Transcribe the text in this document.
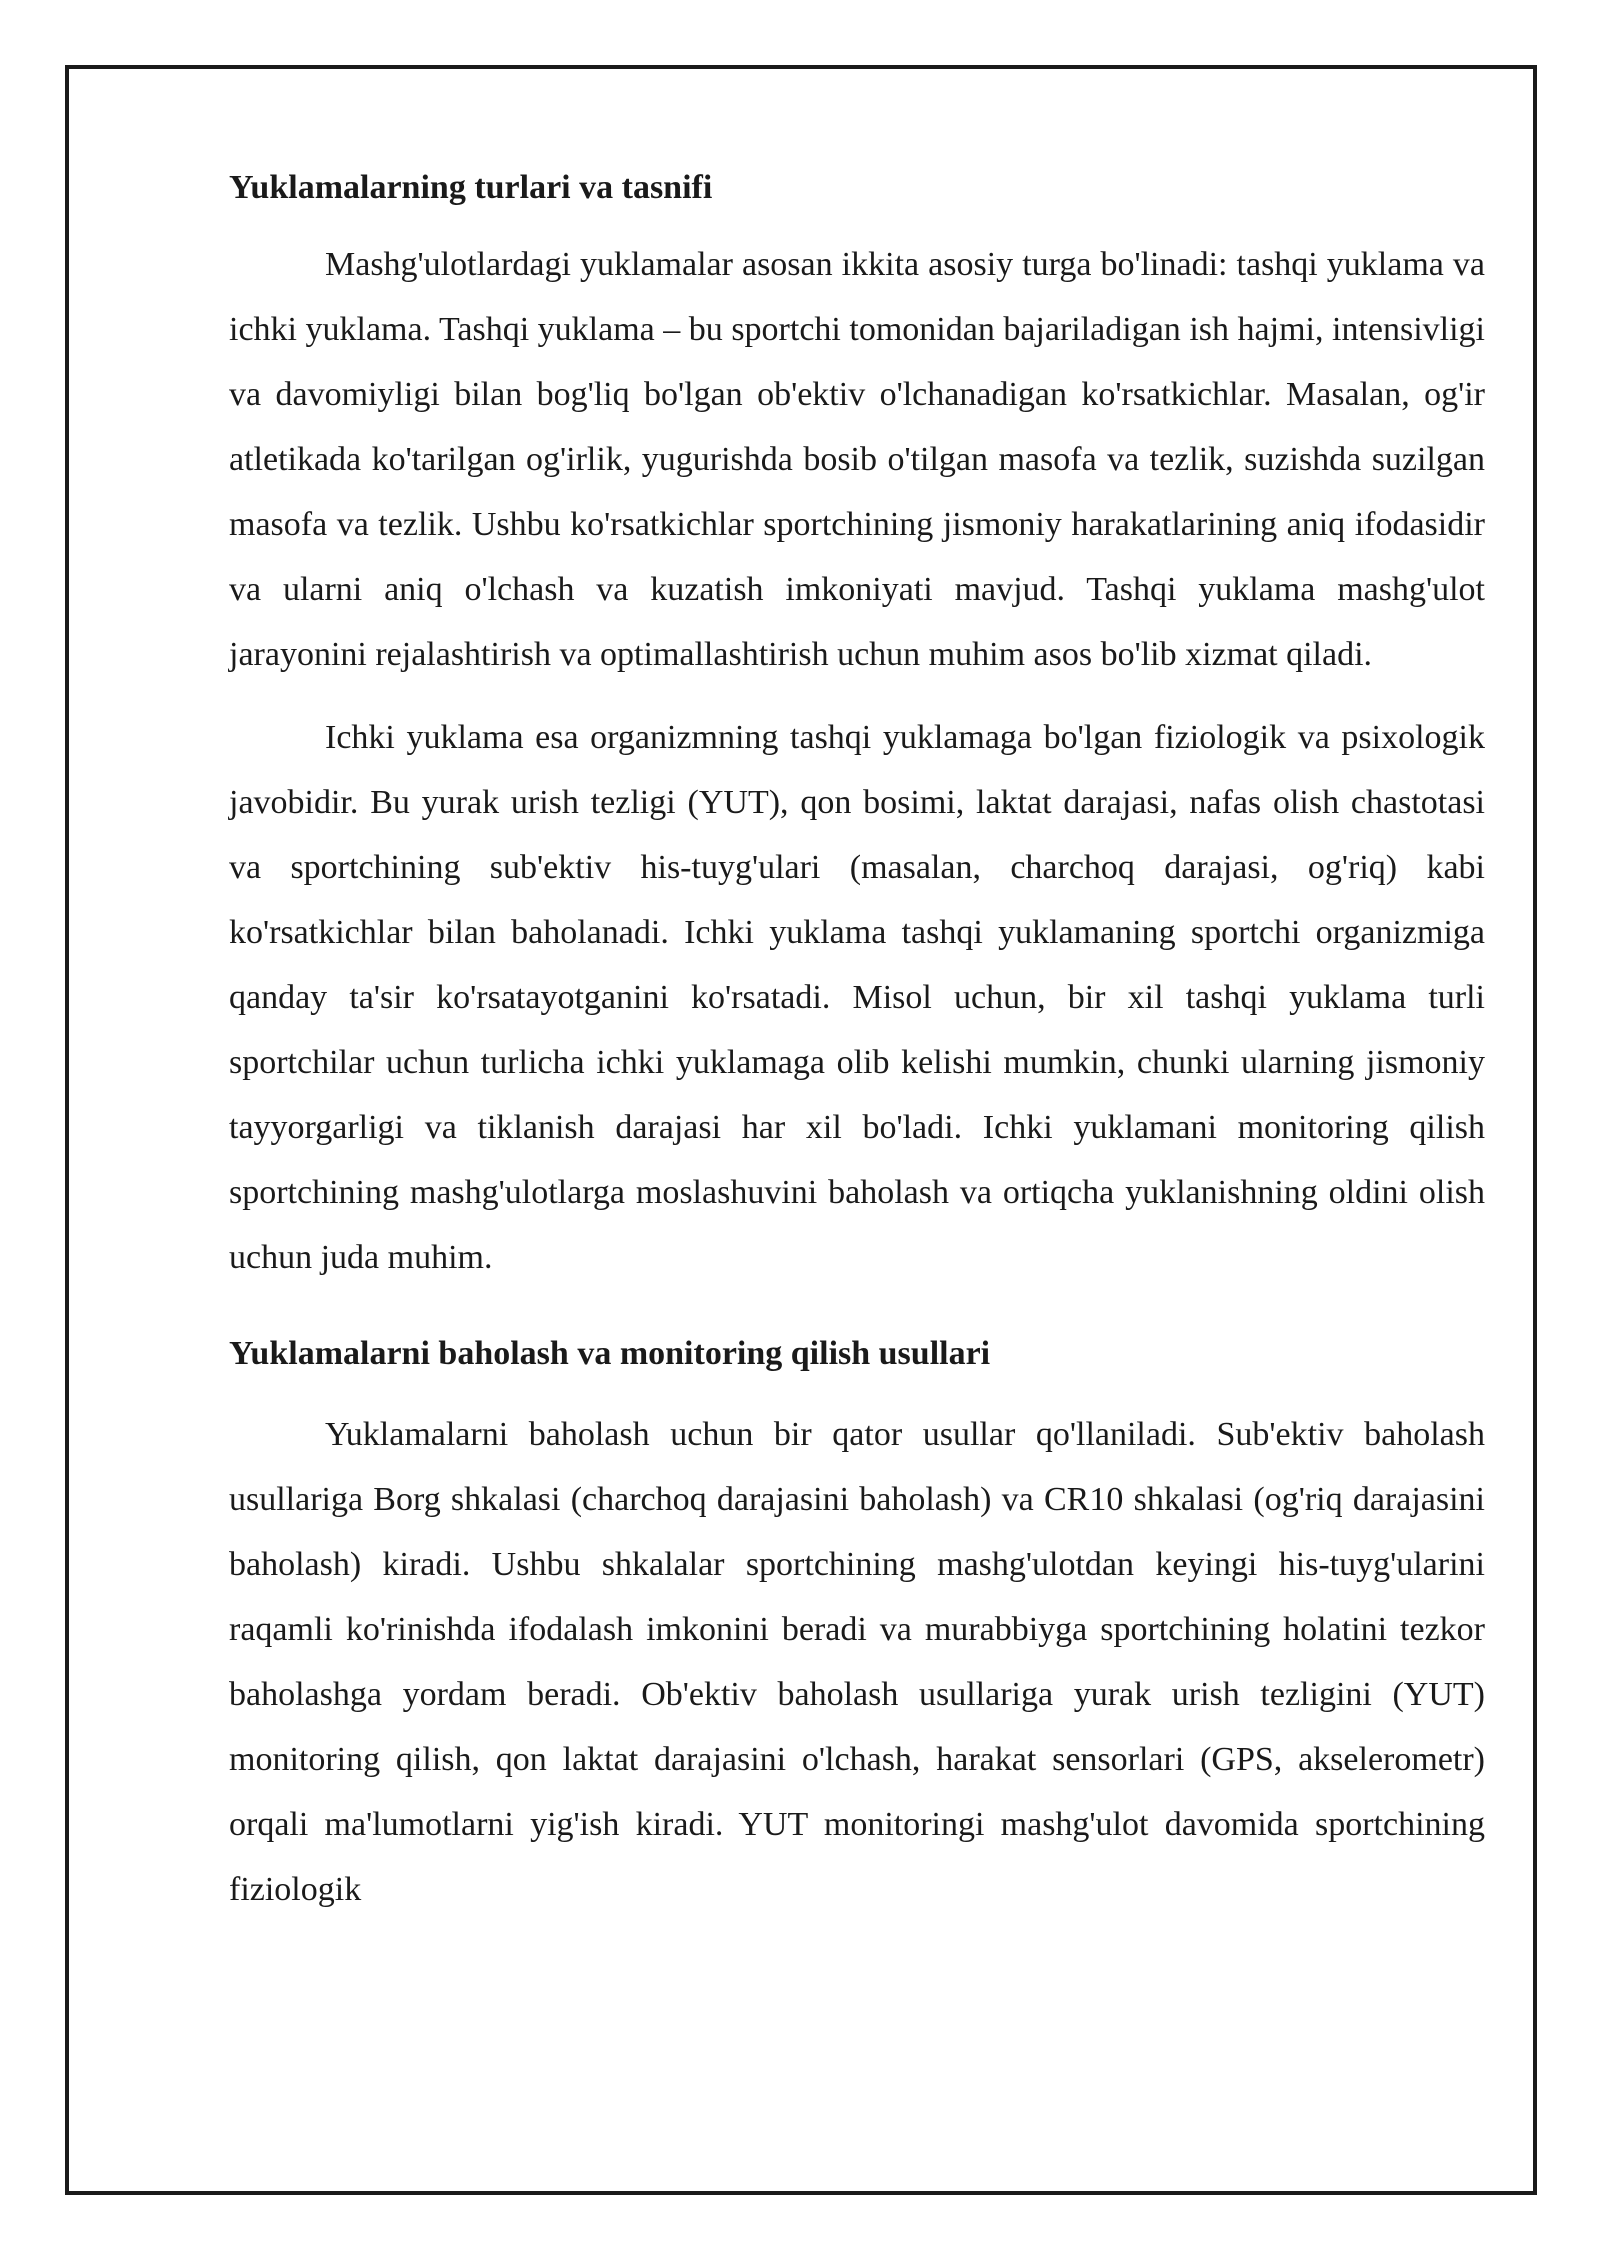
Yuklamalarning turlari va tasnifi

Mashg'ulotlardagi yuklamalar asosan ikkita asosiy turga bo'linadi: tashqi yuklama va ichki yuklama. Tashqi yuklama – bu sportchi tomonidan bajariladigan ish hajmi, intensivligi va davomiyligi bilan bog'liq bo'lgan ob'ektiv o'lchanadigan ko'rsatkichlar. Masalan, og'ir atletikada ko'tarilgan og'irlik, yugurishda bosib o'tilgan masofa va tezlik, suzishda suzilgan masofa va tezlik. Ushbu ko'rsatkichlar sportchining jismoniy harakatlarining aniq ifodasidir va ularni aniq o'lchash va kuzatish imkoniyati mavjud. Tashqi yuklama mashg'ulot jarayonini rejalashtirish va optimallashtirish uchun muhim asos bo'lib xizmat qiladi.

Ichki yuklama esa organizmning tashqi yuklamaga bo'lgan fiziologik va psixologik javobidir. Bu yurak urish tezligi (YUT), qon bosimi, laktat darajasi, nafas olish chastotasi va sportchining sub'ektiv his-tuyg'ulari (masalan, charchoq darajasi, og'riq) kabi ko'rsatkichlar bilan baholanadi. Ichki yuklama tashqi yuklamaning sportchi organizmiga qanday ta'sir ko'rsatayotganini ko'rsatadi. Misol uchun, bir xil tashqi yuklama turli sportchilar uchun turlicha ichki yuklamaga olib kelishi mumkin, chunki ularning jismoniy tayyorgarligi va tiklanish darajasi har xil bo'ladi. Ichki yuklamani monitoring qilish sportchining mashg'ulotlarga moslashuvini baholash va ortiqcha yuklanishning oldini olish uchun juda muhim.

Yuklamalarni baholash va monitoring qilish usullari

Yuklamalarni baholash uchun bir qator usullar qo'llaniladi. Sub'ektiv baholash usullariga Borg shkalasi (charchoq darajasini baholash) va CR10 shkalasi (og'riq darajasini baholash) kiradi. Ushbu shkalalar sportchining mashg'ulotdan keyingi his-tuyg'ularini raqamli ko'rinishda ifodalash imkonini beradi va murabbiyga sportchining holatini tezkor baholashga yordam beradi. Ob'ektiv baholash usullariga yurak urish tezligini (YUT) monitoring qilish, qon laktat darajasini o'lchash, harakat sensorlari (GPS, akselerometr) orqali ma'lumotlarni yig'ish kiradi. YUT monitoringi mashg'ulot davomida sportchining fiziologik
